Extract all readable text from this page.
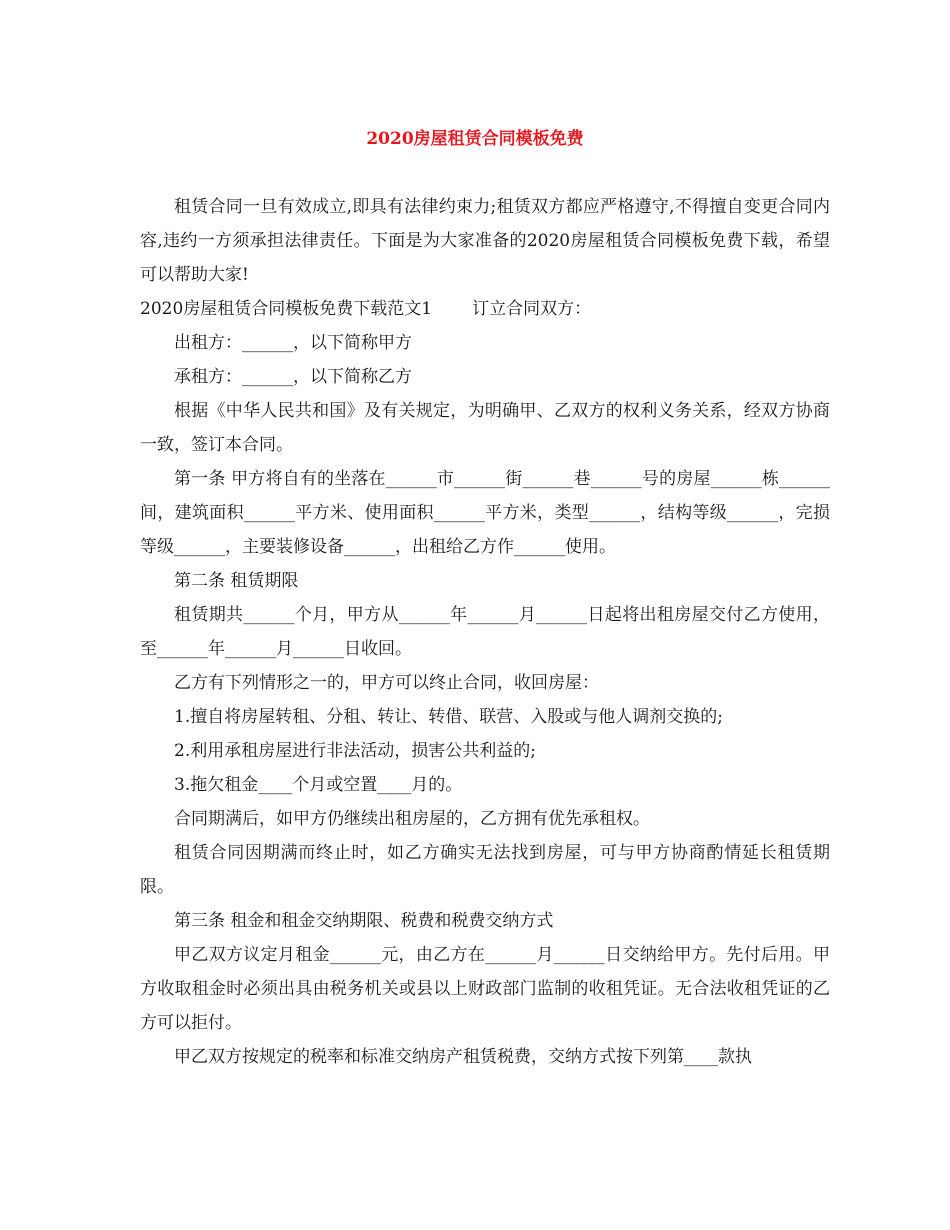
2020房屋租赁合同模板免费

租赁合同一旦有效成立,即具有法律约束力;租赁双方都应严格遵守,不得擅自变更合同内容,违约一方须承担法律责任。下面是为大家准备的2020房屋租赁合同模板免费下载，希望可以帮助大家!

2020房屋租赁合同模板免费下载范文1 订立合同双方：

出租方：______，以下简称甲方

承租方：______，以下简称乙方

根据《中华人民共和国》及有关规定，为明确甲、乙双方的权利义务关系，经双方协商一致，签订本合同。

第一条 甲方将自有的坐落在______市______街______巷______号的房屋______栋______间，建筑面积______平方米、使用面积______平方米，类型______，结构等级______，完损等级______，主要装修设备______，出租给乙方作______使用。

第二条 租赁期限

租赁期共______个月，甲方从______年______月______日起将出租房屋交付乙方使用，至______年______月______日收回。

乙方有下列情形之一的，甲方可以终止合同，收回房屋：

1.擅自将房屋转租、分租、转让、转借、联营、入股或与他人调剂交换的;

2.利用承租房屋进行非法活动，损害公共利益的;

3.拖欠租金____个月或空置____月的。

合同期满后，如甲方仍继续出租房屋的，乙方拥有优先承租权。

租赁合同因期满而终止时，如乙方确实无法找到房屋，可与甲方协商酌情延长租赁期限。

第三条 租金和租金交纳期限、税费和税费交纳方式

甲乙双方议定月租金______元，由乙方在______月______日交纳给甲方。先付后用。甲方收取租金时必须出具由税务机关或县以上财政部门监制的收租凭证。无合法收租凭证的乙方可以拒付。

甲乙双方按规定的税率和标准交纳房产租赁税费，交纳方式按下列第____款执
